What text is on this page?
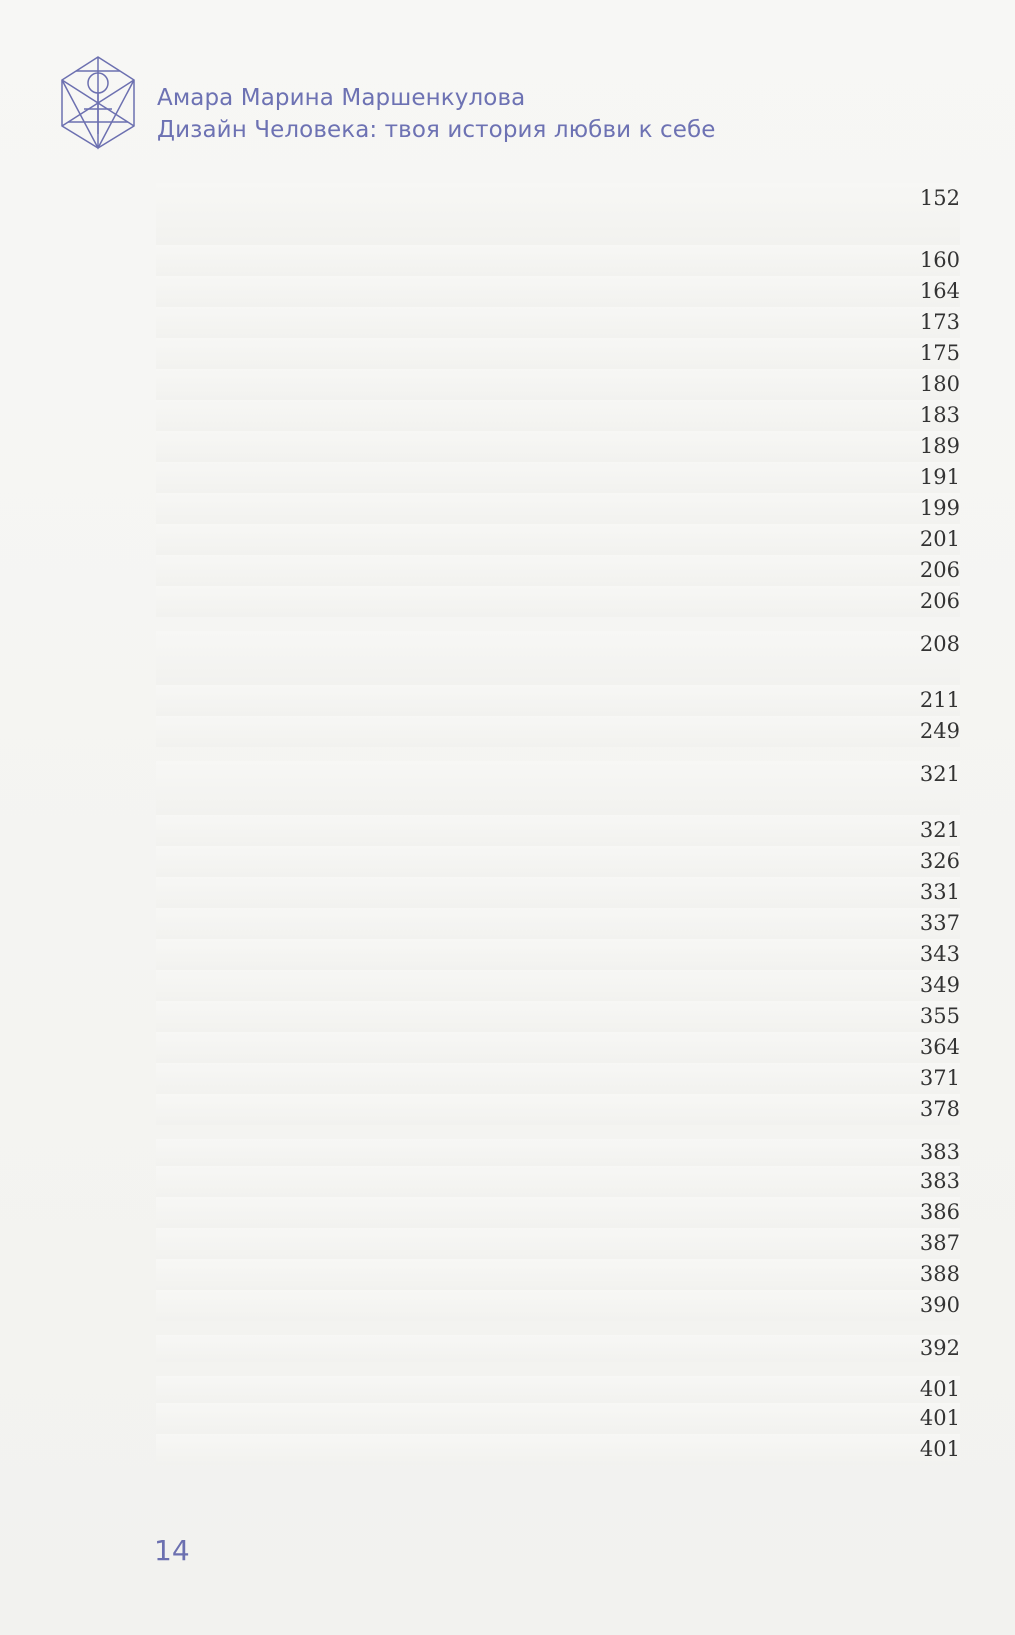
Амара Марина Маршенкулова
Дизайн Человека: твоя история любви к себе
. . .
152
. . .
160
. . .
164
. . .
173
. . .
175
. . .
180
. . .
183
. . .
189
. . .
191
. . .
199
. . .
201
. . .
206
. . .
206
. . .
208
. . .
211
. . .
249
. . .
321
. . .
321
. . .
326
. . .
331
. . .
337
. . .
343
. . .
349
. . .
355
. . .
364
. . .
371
. . .
378
. . .
383
. . .
383
. . .
386
. . .
387
. . .
388
. . .
390
. . .
392
. . .
401
. . .
401
. . .
401
14
